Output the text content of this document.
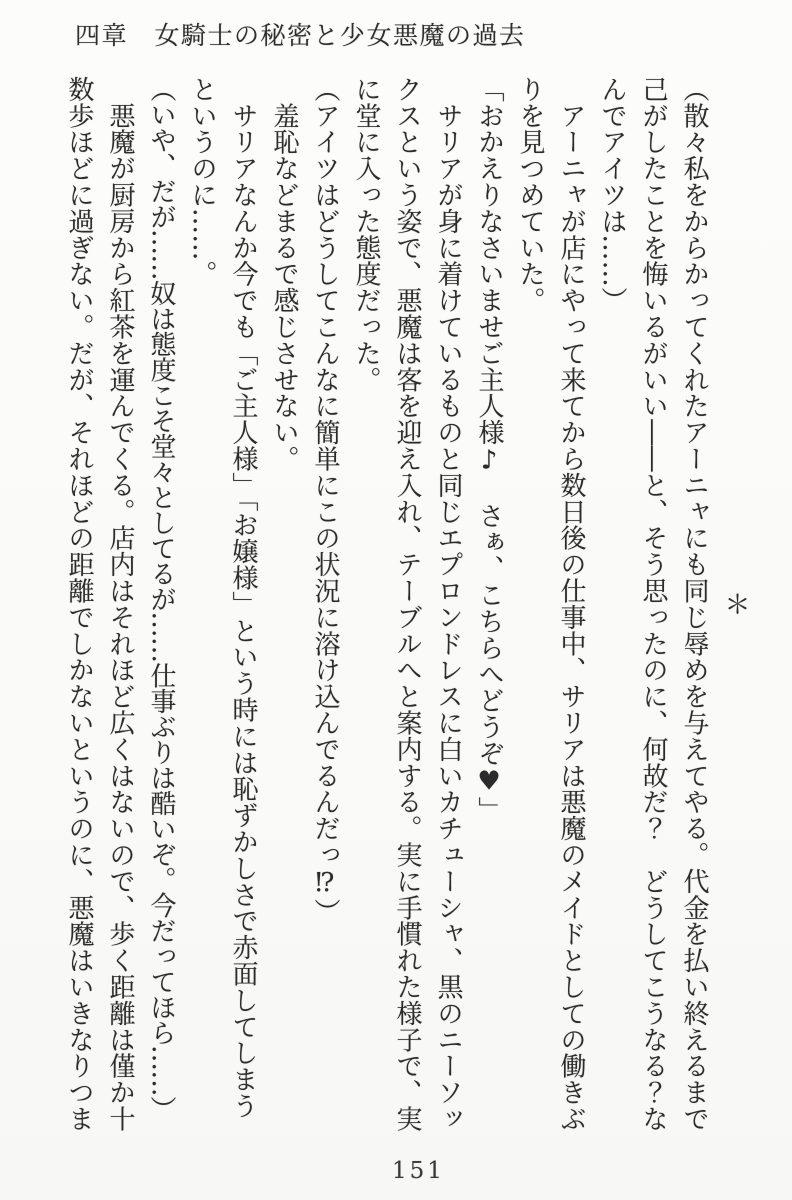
四章　女騎士の秘密と少女悪魔の過去

＊

（散々私をからかってくれたアーニャにも同じ辱めを与えてやる。代金を払い終えるまで己がしたことを悔いるがいい――と、そう思ったのに、何故だ？　どうしてこうなる？なんでアイツは……）

　アーニャが店にやって来てから数日後の仕事中、サリアは悪魔のメイドとしての働きぶりを見つめていた。

「おかえりなさいませご主人様♪　さぁ、こちらへどうぞ♥」

　サリアが身に着けているものと同じエプロンドレスに白いカチューシャ、黒のニーソックスという姿で、悪魔は客を迎え入れ、テーブルへと案内する。実に手慣れた様子で、実に堂に入った態度だった。

（アイツはどうしてこんなに簡単にこの状況に溶け込んでるんだっ⁉）

　羞恥などまるで感じさせない。

　サリアなんか今でも「ご主人様」「お嬢様」という時には恥ずかしさで赤面してしまうというのに……。

（いや、だが……奴は態度こそ堂々としてるが……仕事ぶりは酷いぞ。今だってほら……）

　悪魔が厨房から紅茶を運んでくる。店内はそれほど広くはないので、歩く距離は僅か十数歩ほどに過ぎない。だが、それほどの距離でしかないというのに、悪魔はいきなりつま

151
